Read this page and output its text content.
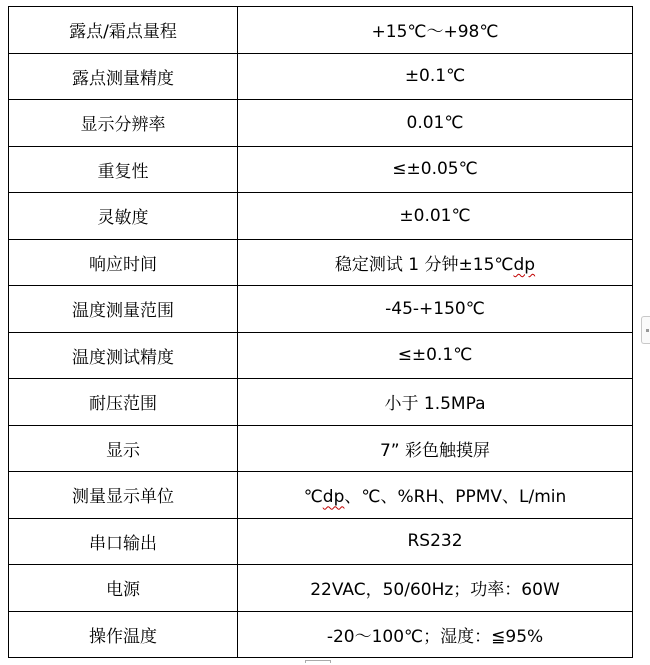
露点/霜点量程	+15℃～+98℃
露点测量精度	±0.1℃
显示分辨率	0.01℃
重复性	≤±0.05℃
灵敏度	±0.01℃
响应时间	稳定测试 1 分钟±15℃dp
温度测量范围	-45-+150℃
温度测试精度	≤±0.1℃
耐压范围	小于 1.5MPa
显示	7” 彩色触摸屏
测量显示单位	℃dp、℃、%RH、PPMV、L/min
串口输出	RS232
电源	22VAC，50/60Hz；功率：60W
操作温度	-20～100℃；湿度：≦95%
